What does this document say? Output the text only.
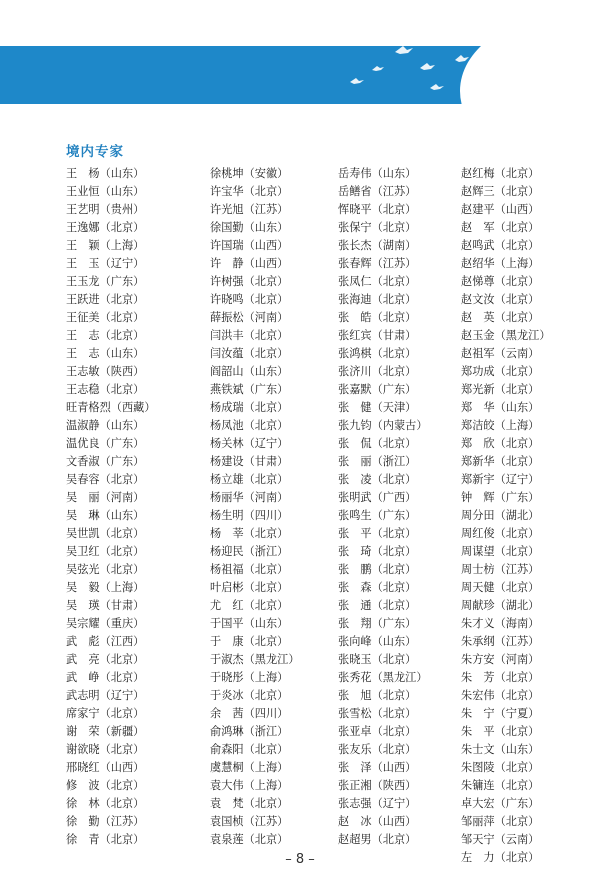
境内专家
王　杨（山东）
王业恒（山东）
王艺明（贵州）
王逸娜（北京）
王　颖（上海）
王　玉（辽宁）
王玉龙（广东）
王跃进（北京）
王征美（北京）
王　志（北京）
王　志（山东）
王志敏（陕西）
王志稳（北京）
旺青格烈（西藏）
温淑静（山东）
温优良（广东）
文香淑（广东）
吴春容（北京）
吴　丽（河南）
吴　琳（山东）
吴世凯（北京）
吴卫红（北京）
吴弦光（北京）
吴　毅（上海）
吴　瑛（甘肃）
吴宗耀（重庆）
武　彪（江西）
武　亮（北京）
武　峥（北京）
武志明（辽宁）
席家宁（北京）
谢　荣（新疆）
谢欲晓（北京）
邢晓红（山西）
修　波（北京）
徐　林（北京）
徐　勤（江苏）
徐　青（北京）
徐桃坤（安徽）
许宝华（北京）
许光旭（江苏）
徐国勤（山东）
许国瑞（山西）
许　静（山西）
许树强（北京）
许晓鸣（北京）
薛振松（河南）
闫洪丰（北京）
闫汝蕴（北京）
阎韶山（山东）
燕铁斌（广东）
杨成瑞（北京）
杨凤池（北京）
杨关林（辽宁）
杨建设（甘肃）
杨立雄（北京）
杨丽华（河南）
杨生明（四川）
杨　莘（北京）
杨迎民（浙江）
杨祖福（北京）
叶启彬（北京）
尤　红（北京）
于国平（山东）
于　康（北京）
于淑杰（黑龙江）
于晓彤（上海）
于炎冰（北京）
余　茜（四川）
俞鸿琳（浙江）
俞森阳（北京）
虞慧桐（上海）
袁大伟（上海）
袁　梵（北京）
袁国桢（江苏）
袁泉莲（北京）
岳寿伟（山东）
岳鳝省（江苏）
恽晓平（北京）
张保宁（北京）
张长杰（湖南）
张春辉（江苏）
张凤仁（北京）
张海迪（北京）
张　皓（北京）
张红宾（甘肃）
张鸿棋（北京）
张济川（北京）
张嘉默（广东）
张　健（天津）
张九钧（内蒙古）
张　侃（北京）
张　丽（浙江）
张　凌（北京）
张明武（广西）
张鸣生（广东）
张　平（北京）
张　琦（北京）
张　鹏（北京）
张　森（北京）
张　通（北京）
张　翔（广东）
张向峰（山东）
张晓玉（北京）
张秀花（黑龙江）
张　旭（北京）
张雪松（北京）
张亚卓（北京）
张友乐（北京）
张　泽（山西）
张正湘（陕西）
张志强（辽宁）
赵　冰（山西）
赵超男（北京）
赵红梅（北京）
赵辉三（北京）
赵建平（山西）
赵　军（北京）
赵鸣武（北京）
赵绍华（上海）
赵悌尊（北京）
赵文汝（北京）
赵　英（北京）
赵玉金（黑龙江）
赵祖军（云南）
郑功成（北京）
郑光新（北京）
郑　华（山东）
郑洁皎（上海）
郑　欣（北京）
郑新华（北京）
郑新宇（辽宁）
钟　辉（广东）
周分田（湖北）
周红俊（北京）
周谋望（北京）
周士枋（江苏）
周天健（北京）
周献珍（湖北）
朱才义（海南）
朱承纲（江苏）
朱方安（河南）
朱　芳（北京）
朱宏伟（北京）
朱　宁（宁夏）
朱　平（北京）
朱士文（山东）
朱图陵（北京）
朱镛连（北京）
卓大宏（广东）
邹丽萍（北京）
邹天宁（云南）
左　力（北京）
– 8 –
